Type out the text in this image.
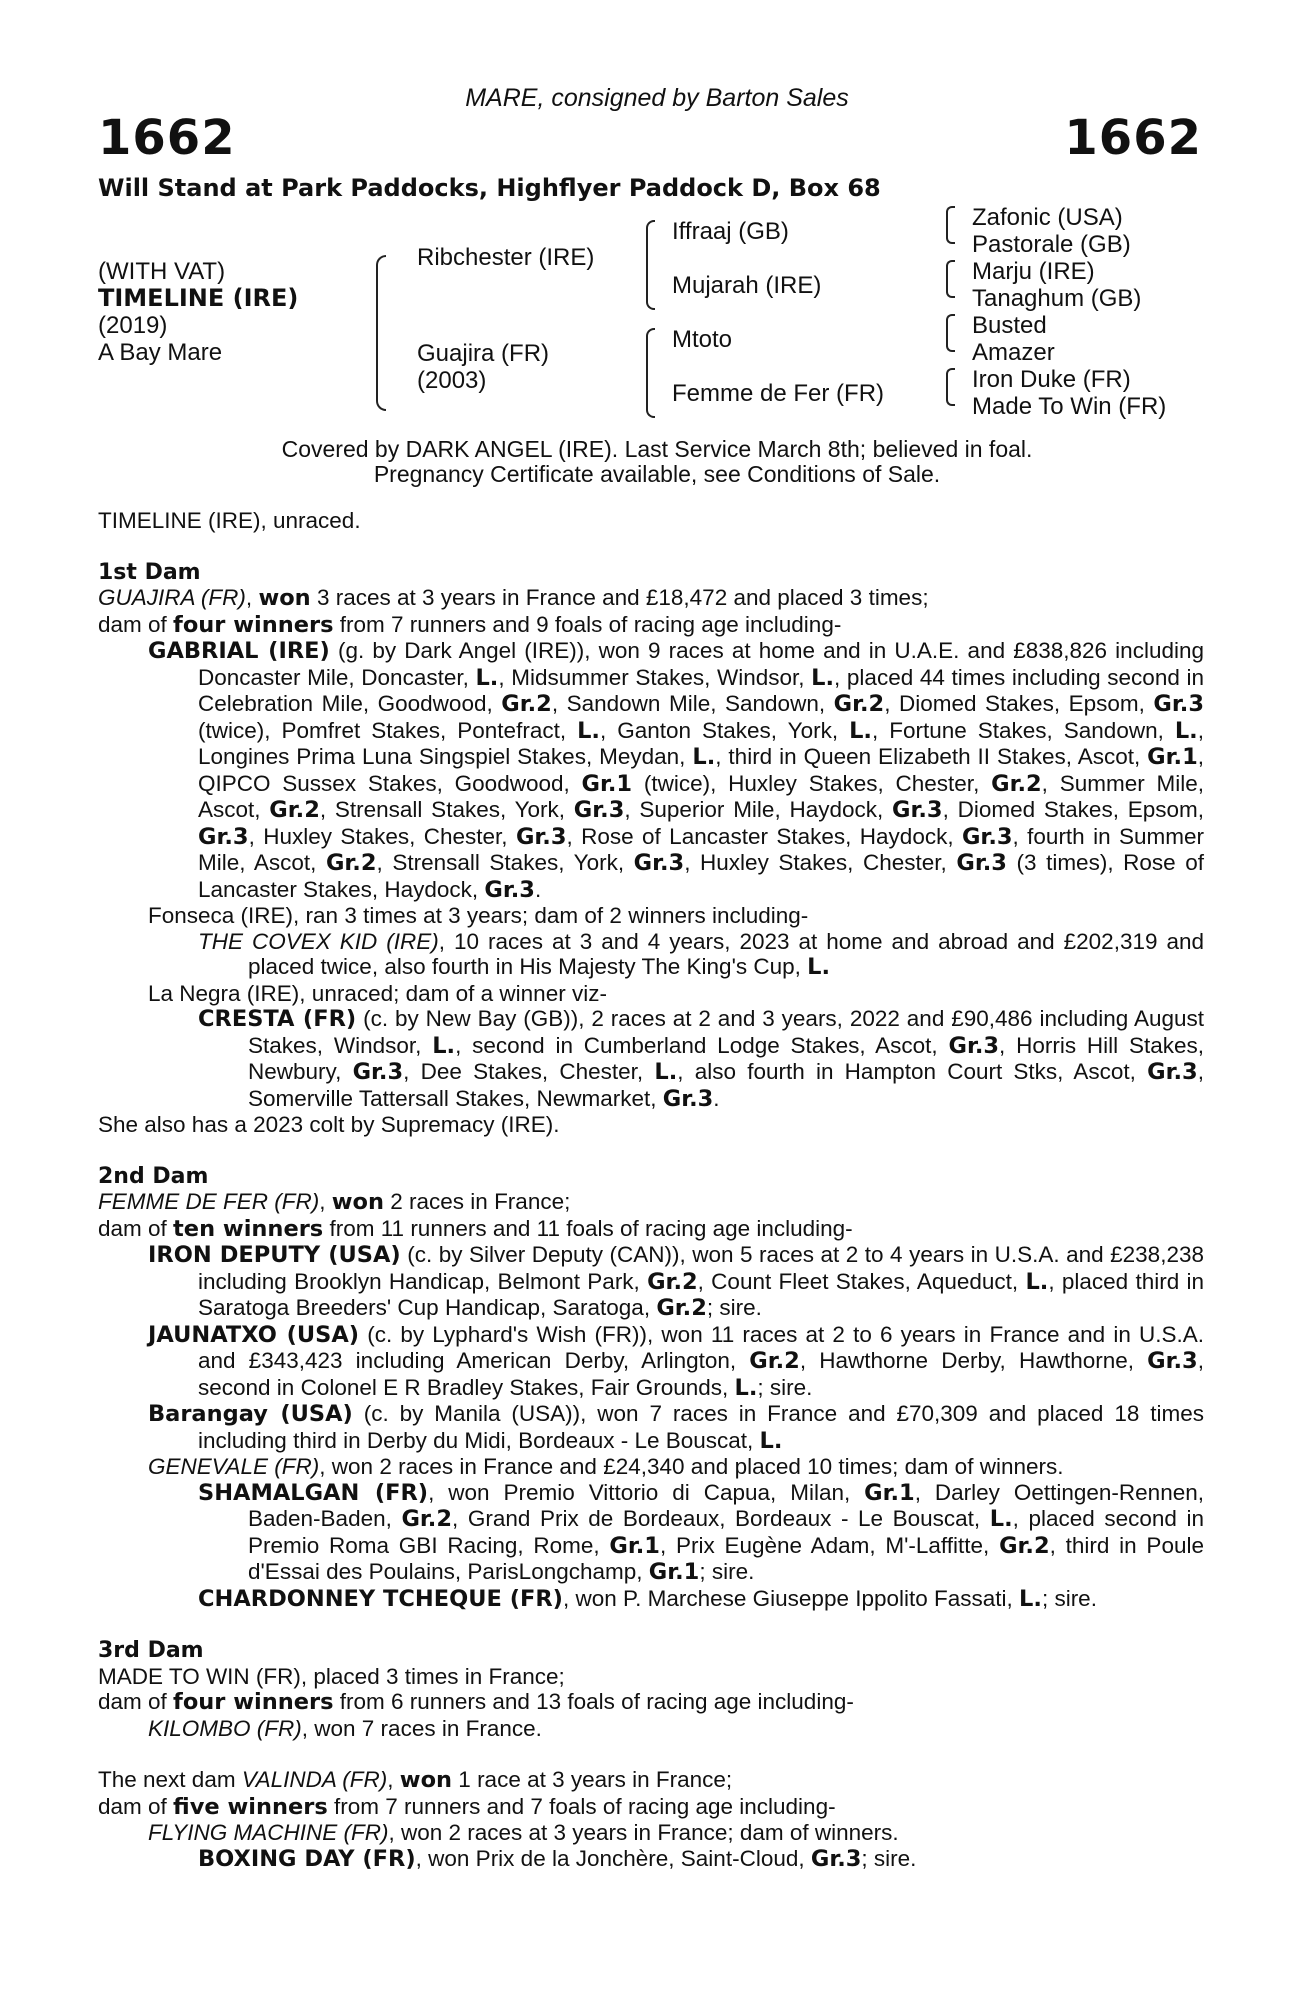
MARE, consigned by Barton Sales
1662	1662
Will Stand at Park Paddocks, Highflyer Paddock D, Box 68
(WITH VAT)
TIMELINE (IRE)
(2019)
A Bay Mare
Ribchester (IRE)
Guajira (FR)
(2003)
Iffraaj (GB)
Mujarah (IRE)
Mtoto
Femme de Fer (FR)
Zafonic (USA)
Pastorale (GB)
Marju (IRE)
Tanaghum (GB)
Busted
Amazer
Iron Duke (FR)
Made To Win (FR)
Covered by DARK ANGEL (IRE). Last Service March 8th; believed in foal.
Pregnancy Certificate available, see Conditions of Sale.

TIMELINE (IRE), unraced.

1st Dam

GUAJIRA (FR), won 3 races at 3 years in France and £18,472 and placed 3 times;

dam of four winners from 7 runners and 9 foals of racing age including-

GABRIAL (IRE) (g. by Dark Angel (IRE)), won 9 races at home and in U.A.E. and £838,826 including Doncaster Mile, Doncaster, L., Midsummer Stakes, Windsor, L., placed 44 times including second in Celebration Mile, Goodwood, Gr.2, Sandown Mile, Sandown, Gr.2, Diomed Stakes, Epsom, Gr.3 (twice), Pomfret Stakes, Pontefract, L., Ganton Stakes, York, L., Fortune Stakes, Sandown, L., Longines Prima Luna Singspiel Stakes, Meydan, L., third in Queen Elizabeth II Stakes, Ascot, Gr.1, QIPCO Sussex Stakes, Goodwood, Gr.1 (twice), Huxley Stakes, Chester, Gr.2, Summer Mile, Ascot, Gr.2, Strensall Stakes, York, Gr.3, Superior Mile, Haydock, Gr.3, Diomed Stakes, Epsom, Gr.3, Huxley Stakes, Chester, Gr.3, Rose of Lancaster Stakes, Haydock, Gr.3, fourth in Summer Mile, Ascot, Gr.2, Strensall Stakes, York, Gr.3, Huxley Stakes, Chester, Gr.3 (3 times), Rose of Lancaster Stakes, Haydock, Gr.3.

Fonseca (IRE), ran 3 times at 3 years; dam of 2 winners including-

THE COVEX KID (IRE), 10 races at 3 and 4 years, 2023 at home and abroad and £202,319 and placed twice, also fourth in His Majesty The King's Cup, L.

La Negra (IRE), unraced; dam of a winner viz-

CRESTA (FR) (c. by New Bay (GB)), 2 races at 2 and 3 years, 2022 and £90,486 including August Stakes, Windsor, L., second in Cumberland Lodge Stakes, Ascot, Gr.3, Horris Hill Stakes, Newbury, Gr.3, Dee Stakes, Chester, L., also fourth in Hampton Court Stks, Ascot, Gr.3, Somerville Tattersall Stakes, Newmarket, Gr.3.

She also has a 2023 colt by Supremacy (IRE).

2nd Dam

FEMME DE FER (FR), won 2 races in France;

dam of ten winners from 11 runners and 11 foals of racing age including-

IRON DEPUTY (USA) (c. by Silver Deputy (CAN)), won 5 races at 2 to 4 years in U.S.A. and £238,238 including Brooklyn Handicap, Belmont Park, Gr.2, Count Fleet Stakes, Aqueduct, L., placed third in Saratoga Breeders' Cup Handicap, Saratoga, Gr.2; sire.

JAUNATXO (USA) (c. by Lyphard's Wish (FR)), won 11 races at 2 to 6 years in France and in U.S.A. and £343,423 including American Derby, Arlington, Gr.2, Hawthorne Derby, Hawthorne, Gr.3, second in Colonel E R Bradley Stakes, Fair Grounds, L.; sire.

Barangay (USA) (c. by Manila (USA)), won 7 races in France and £70,309 and placed 18 times including third in Derby du Midi, Bordeaux - Le Bouscat, L.

GENEVALE (FR), won 2 races in France and £24,340 and placed 10 times; dam of winners.

SHAMALGAN (FR), won Premio Vittorio di Capua, Milan, Gr.1, Darley Oettingen-Rennen, Baden-Baden, Gr.2, Grand Prix de Bordeaux, Bordeaux - Le Bouscat, L., placed second in Premio Roma GBI Racing, Rome, Gr.1, Prix Eugène Adam, M'-Laffitte, Gr.2, third in Poule d'Essai des Poulains, ParisLongchamp, Gr.1; sire.

CHARDONNEY TCHEQUE (FR), won P. Marchese Giuseppe Ippolito Fassati, L.; sire.

3rd Dam

MADE TO WIN (FR), placed 3 times in France;

dam of four winners from 6 runners and 13 foals of racing age including-

KILOMBO (FR), won 7 races in France.

The next dam VALINDA (FR), won 1 race at 3 years in France;

dam of five winners from 7 runners and 7 foals of racing age including-

FLYING MACHINE (FR), won 2 races at 3 years in France; dam of winners.

BOXING DAY (FR), won Prix de la Jonchère, Saint-Cloud, Gr.3; sire.
